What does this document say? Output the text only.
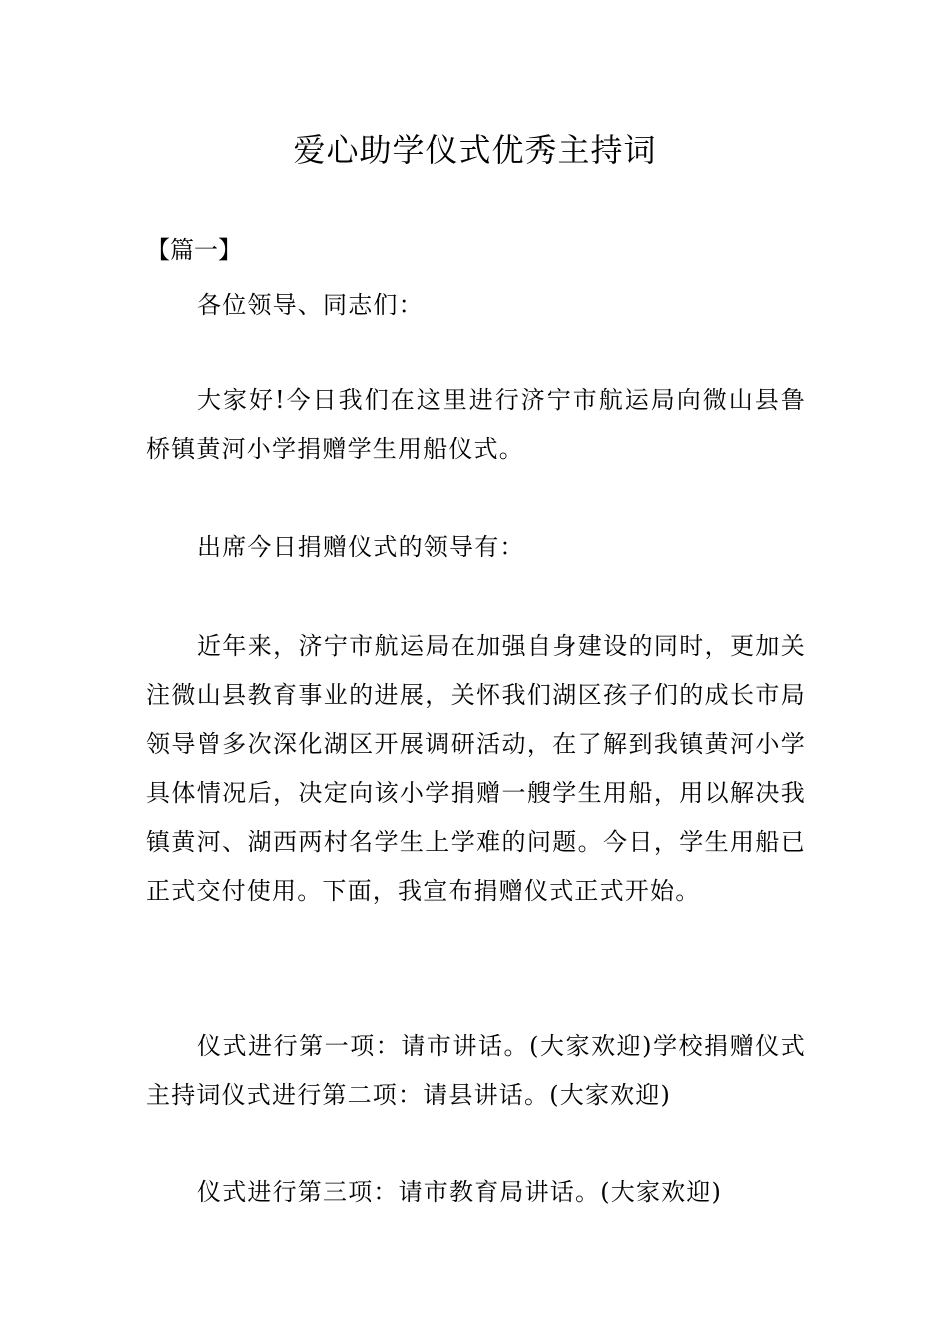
爱心助学仪式优秀主持词
【篇一】
各位领导、同志们：
大家好!今日我们在这里进行济宁市航运局向微山县鲁桥镇黄河小学捐赠学生用船仪式。
出席今日捐赠仪式的领导有：
近年来，济宁市航运局在加强自身建设的同时，更加关注微山县教育事业的进展，关怀我们湖区孩子们的成长市局领导曾多次深化湖区开展调研活动，在了解到我镇黄河小学具体情况后，决定向该小学捐赠一艘学生用船，用以解决我镇黄河、湖西两村名学生上学难的问题。今日，学生用船已正式交付使用。下面，我宣布捐赠仪式正式开始。
仪式进行第一项：请市讲话。(大家欢迎)学校捐赠仪式主持词仪式进行第二项：请县讲话。(大家欢迎)
仪式进行第三项：请市教育局讲话。(大家欢迎)
